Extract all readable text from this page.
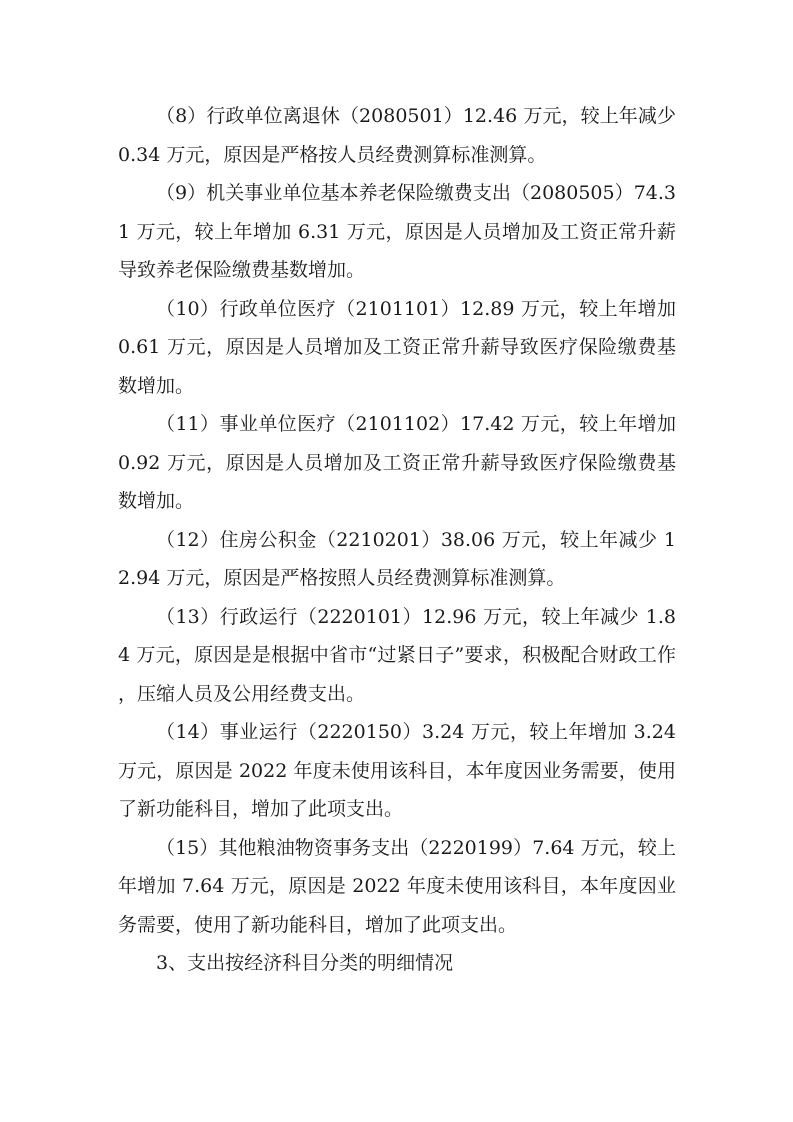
（8）行政单位离退休（2080501）12.46 万元，较上年减少 0.34 万元，原因是严格按人员经费测算标准测算。

（9）机关事业单位基本养老保险缴费支出（2080505）74.31 万元，较上年增加 6.31 万元，原因是人员增加及工资正常升薪导致养老保险缴费基数增加。

（10）行政单位医疗（2101101）12.89 万元，较上年增加 0.61 万元，原因是人员增加及工资正常升薪导致医疗保险缴费基数增加。

（11）事业单位医疗（2101102）17.42 万元，较上年增加 0.92 万元，原因是人员增加及工资正常升薪导致医疗保险缴费基数增加。

（12）住房公积金（2210201）38.06 万元，较上年减少 12.94 万元，原因是严格按照人员经费测算标准测算。

（13）行政运行（2220101）12.96 万元，较上年减少 1.84 万元，原因是是根据中省市“过紧日子”要求，积极配合财政工作，压缩人员及公用经费支出。

（14）事业运行（2220150）3.24 万元，较上年增加 3.24 万元，原因是 2022 年度未使用该科目，本年度因业务需要，使用了新功能科目，增加了此项支出。

（15）其他粮油物资事务支出（2220199）7.64 万元，较上年增加 7.64 万元，原因是 2022 年度未使用该科目，本年度因业务需要，使用了新功能科目，增加了此项支出。

3、支出按经济科目分类的明细情况
